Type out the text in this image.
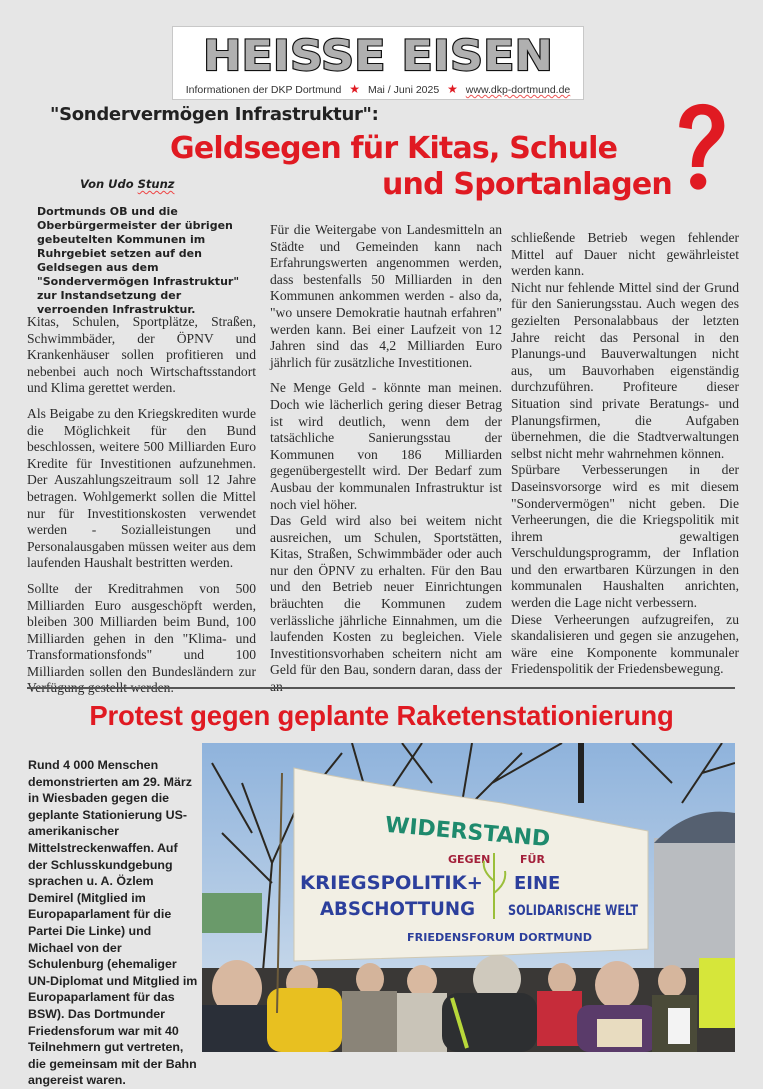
HEISSE EISEN
Informationen der DKP Dortmund ★ Mai / Juni 2025 ★ www.dkp-dortmund.de
"Sondervermögen Infrastruktur":
Geldsegen für Kitas, Schule
und Sportanlagen
Von Udo Stunz
Dortmunds OB und die Oberbürgermeister der übrigen gebeutelten Kommunen im Ruhrgebiet setzen auf den Geldsegen aus dem "Sondervermögen Infrastruktur" zur Instandsetzung der verroenden Infrastruktur.

Kitas, Schulen, Sportplätze, Straßen, Schwimmbäder, der ÖPNV und Krankenhäuser sollen profitieren und nebenbei auch noch Wirtschaftsstandort und Klima gerettet werden.

Als Beigabe zu den Kriegskrediten wurde die Möglichkeit für den Bund beschlossen, weitere 500 Milliarden Euro Kredite für Investitionen aufzunehmen. Der Auszahlungszeitraum soll 12 Jahre betragen. Wohlgemerkt sollen die Mittel nur für Investitionskosten verwendet werden - Sozialleistungen und Personalausgaben müssen weiter aus dem laufenden Haushalt bestritten werden.

Sollte der Kreditrahmen von 500 Milliarden Euro ausgeschöpft werden, bleiben 300 Milliarden beim Bund, 100 Milliarden gehen in den "Klima- und Transformationsfonds" und 100 Milliarden sollen den Bundesländern zur

Für die Weitergabe von Landesmitteln an Städte und Gemeinden kann nach Erfahrungswerten angenommen werden, dass bestenfalls 50 Milliarden in den Kommunen ankommen werden - also da, "wo unsere Demokratie hautnah erfahren" werden kann. Bei einer Laufzeit von 12 Jahren sind das 4,2 Milliarden Euro jährlich für zusätzliche Investitionen.

Ne Menge Geld - könnte man meinen. Doch wie lächerlich gering dieser Betrag ist wird deutlich, wenn dem der tatsächliche Sanierungsstau der Kommunen von 186 Milliarden gegenübergestellt wird. Der Bedarf zum Ausbau der kommunalen Infrastruktur ist noch viel höher.

Das Geld wird also bei weitem nicht ausreichen, um Schulen, Sportstätten, Kitas, Straßen, Schwimmbäder oder auch nur den ÖPNV zu erhalten. Für den Bau und den Betrieb neuer Einrichtungen bräuchten die Kommunen zudem verlässliche jährliche Einnahmen, um die laufenden Kosten zu begleichen. Viele Investitionsvorhaben scheitern nicht am Geld für den Bau, sondern daran, dass der

schließende Betrieb wegen fehlender Mittel auf Dauer nicht gewährleistet werden kann.

Nicht nur fehlende Mittel sind der Grund für den Sanierungsstau. Auch wegen des gezielten Personalabbaus der letzten Jahre reicht das Personal in den Planungs-und Bauverwaltungen nicht aus, um Bauvorhaben eigenständig durchzuführen. Profiteure dieser Situation sind private Beratungs- und Planungsfirmen, die Aufgaben übernehmen, die die Stadtverwaltungen selbst nicht mehr wahrnehmen können.

Spürbare Verbesserungen in der Daseinsvorsorge wird es mit diesem "Sondervermögen" nicht geben. Die Verheerungen, die die Kriegspolitik mit ihrem gewaltigen Verschuldungsprogramm, der Inflation und den erwartbaren Kürzungen in den kommunalen Haushalten anrichten, werden die Lage nicht verbessern.

Diese Verheerungen aufzugreifen, zu skandalisieren und gegen sie anzugehen, wäre eine Komponente kommunaler Friedenspolitik der Friedensbewegung.

Protest gegen geplante Raketenstationierung
Rund 4 000 Menschen demonstrierten am 29. März in Wiesbaden gegen die geplante Stationierung US-amerikanischer Mittelstreckenwaffen. Auf der Schlusskundgebung sprachen u. A. Özlem Demirel (Mitglied im Europaparlament für die Partei Die Linke) und Michael von der Schulenburg (ehemaliger UN-Diplomat und Mitglied im Europaparlament für das BSW). Das Dortmunder Friedensforum war mit 40 Teilnehmern gut vertreten, die gemeinsam mit der Bahn angereist waren.
WIDERSTAND
GEGEN	FÜR
KRIEGSPOLITIK+
ABSCHOTTUNG
EINE
SOLIDARISCHE WELT
FRIEDENSFORUM DORTMUND
